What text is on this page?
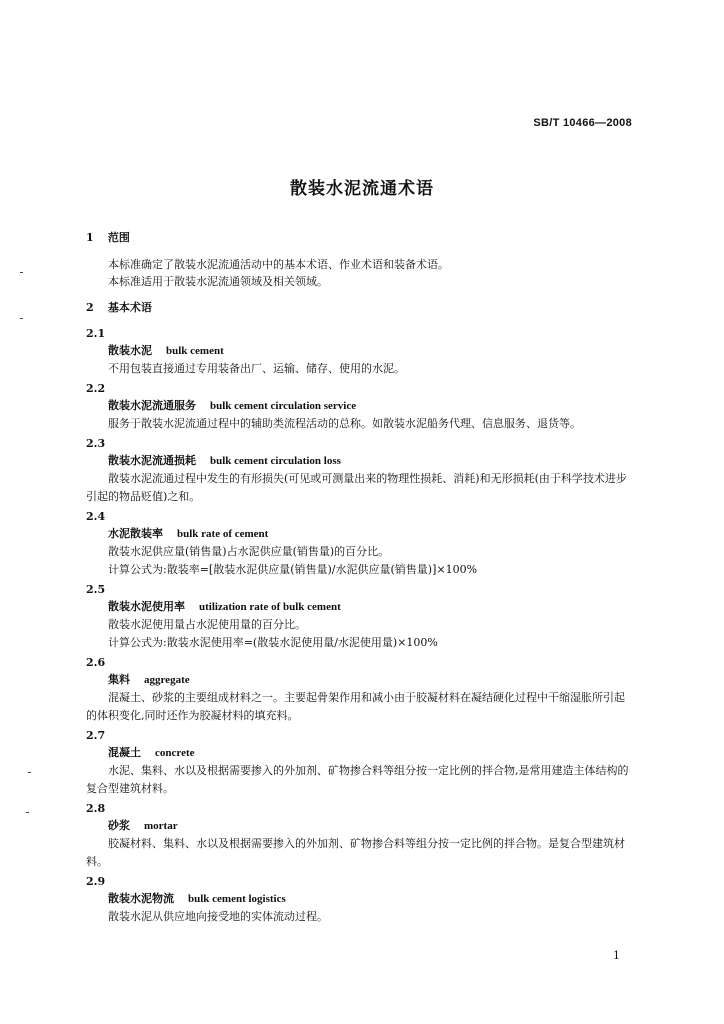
SB/T 10466—2008
散装水泥流通术语
1 范围
本标准确定了散装水泥流通活动中的基本术语、作业术语和装备术语。
本标准适用于散装水泥流通领域及相关领域。
2 基本术语
2.1
散装水泥 bulk cement
不用包装直接通过专用装备出厂、运输、储存、使用的水泥。
2.2
散装水泥流通服务 bulk cement circulation service
服务于散装水泥流通过程中的辅助类流程活动的总称。如散装水泥船务代理、信息服务、退货等。
2.3
散装水泥流通损耗 bulk cement circulation loss
散装水泥流通过程中发生的有形损失(可见或可测量出来的物理性损耗、消耗)和无形损耗(由于科学技术进步引起的物品贬值)之和。
2.4
水泥散装率 bulk rate of cement
散装水泥供应量(销售量)占水泥供应量(销售量)的百分比。
计算公式为:散装率=[散装水泥供应量(销售量)/水泥供应量(销售量)]×100%
2.5
散装水泥使用率 utilization rate of bulk cement
散装水泥使用量占水泥使用量的百分比。
计算公式为:散装水泥使用率=(散装水泥使用量/水泥使用量)×100%
2.6
集料 aggregate
混凝土、砂浆的主要组成材料之一。主要起骨架作用和减小由于胶凝材料在凝结硬化过程中干缩湿胀所引起的体积变化,同时还作为胶凝材料的填充料。
2.7
混凝土 concrete
水泥、集料、水以及根据需要掺入的外加剂、矿物掺合料等组分按一定比例的拌合物,是常用建造主体结构的复合型建筑材料。
2.8
砂浆 mortar
胶凝材料、集料、水以及根据需要掺入的外加剂、矿物掺合料等组分按一定比例的拌合物。是复合型建筑材料。
2.9
散装水泥物流 bulk cement logistics
散装水泥从供应地向接受地的实体流动过程。
1
